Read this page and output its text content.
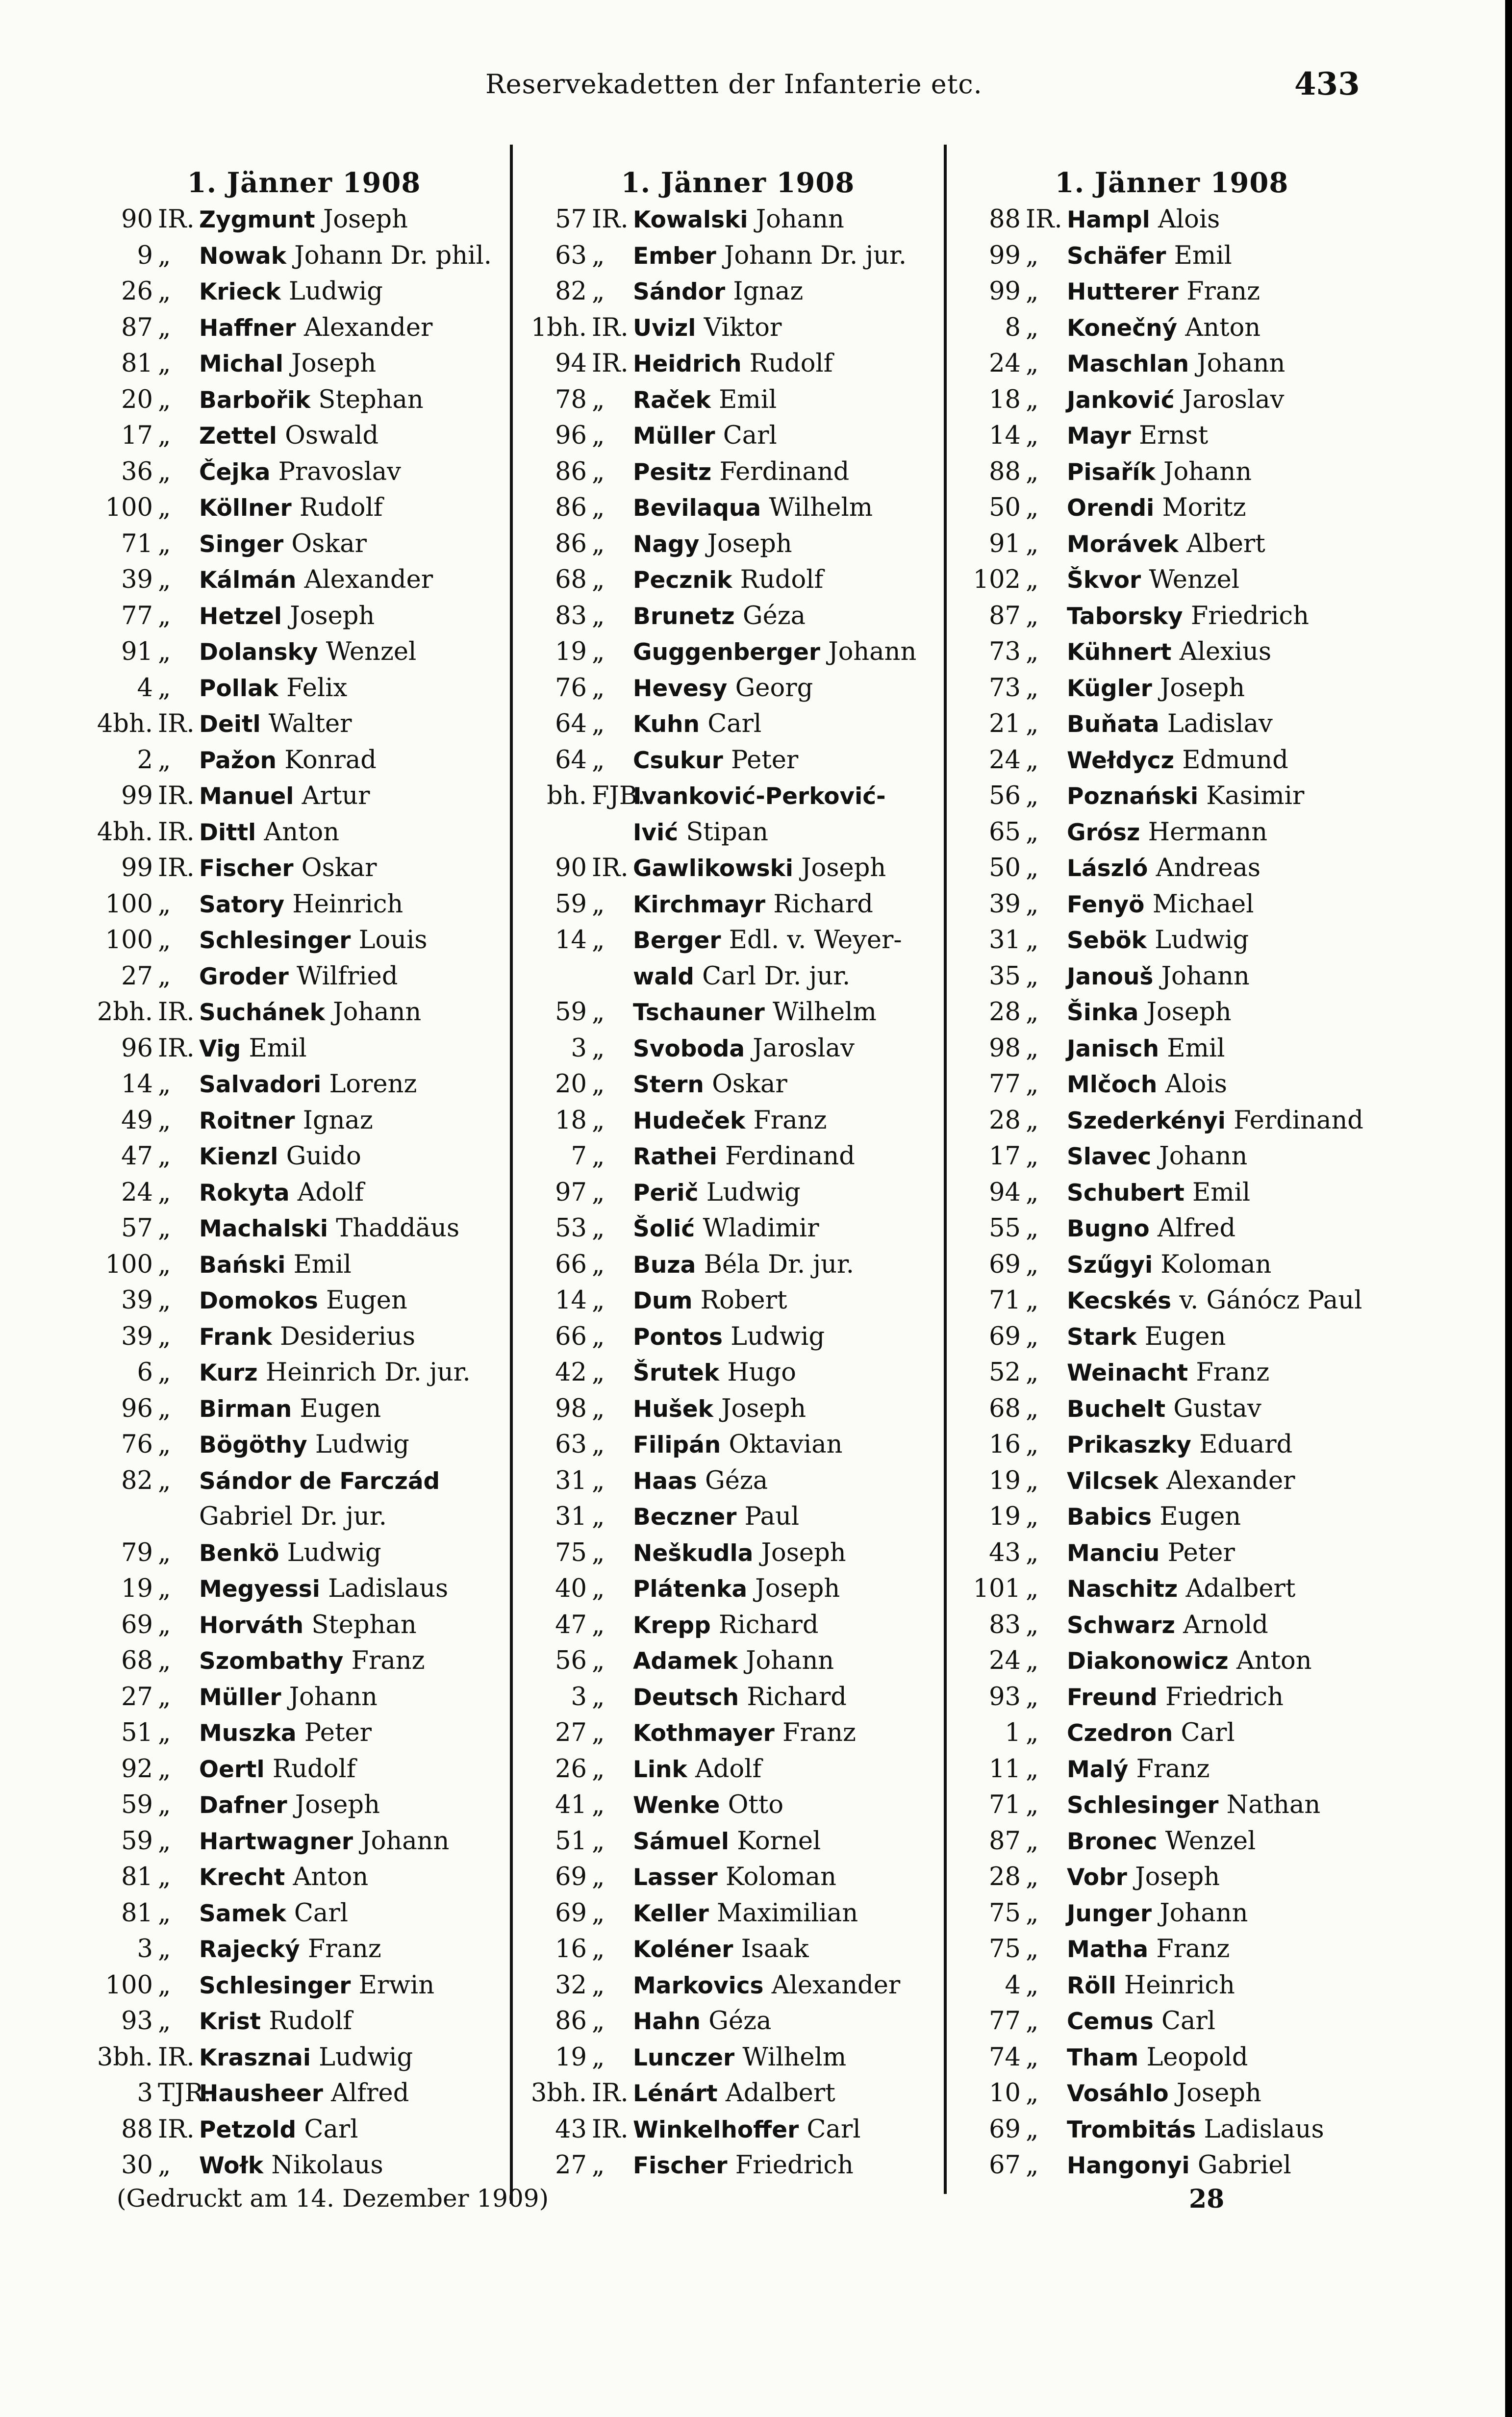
Reservekadetten der Infanterie etc.	433
1. Jänner 1908
90 IR. Zygmunt Joseph
9 „ Nowak Johann Dr. phil.
26 „ Krieck Ludwig
87 „ Haffner Alexander
81 „ Michal Joseph
20 „ Barbořik Stephan
17 „ Zettel Oswald
36 „ Čejka Pravoslav
100 „ Köllner Rudolf
71 „ Singer Oskar
39 „ Kálmán Alexander
77 „ Hetzel Joseph
91 „ Dolansky Wenzel
4 „ Pollak Felix
4bh. IR. Deitl Walter
2 „ Pažon Konrad
99 IR. Manuel Artur
4bh. IR. Dittl Anton
99 IR. Fischer Oskar
100 „ Satory Heinrich
100 „ Schlesinger Louis
27 „ Groder Wilfried
2bh. IR. Suchánek Johann
96 IR. Vig Emil
14 „ Salvadori Lorenz
49 „ Roitner Ignaz
47 „ Kienzl Guido
24 „ Rokyta Adolf
57 „ Machalski Thaddäus
100 „ Bański Emil
39 „ Domokos Eugen
39 „ Frank Desiderius
6 „ Kurz Heinrich Dr. jur.
96 „ Birman Eugen
76 „ Bögöthy Ludwig
82 „ Sándor de Farczád
Gabriel Dr. jur.
79 „ Benkö Ludwig
19 „ Megyessi Ladislaus
69 „ Horváth Stephan
68 „ Szombathy Franz
27 „ Müller Johann
51 „ Muszka Peter
92 „ Oertl Rudolf
59 „ Dafner Joseph
59 „ Hartwagner Johann
81 „ Krecht Anton
81 „ Samek Carl
3 „ Rajecký Franz
100 „ Schlesinger Erwin
93 „ Krist Rudolf
3bh. IR. Krasznai Ludwig
3 TJR.Hausheer Alfred
88 IR. Petzold Carl
30 „ Wołk Nikolaus
1. Jänner 1908
57 IR. Kowalski Johann
63 „ Ember Johann Dr. jur.
82 „ Sándor Ignaz
1bh. IR. Uvizl Viktor
94 IR. Heidrich Rudolf
78 „ Raček Emil
96 „ Müller Carl
86 „ Pesitz Ferdinand
86 „ Bevilaqua Wilhelm
86 „ Nagy Joseph
68 „ Pecznik Rudolf
83 „ Brunetz Géza
19 „ Guggenberger Johann
76 „ Hevesy Georg
64 „ Kuhn Carl
64 „ Csukur Peter
bh. FJB.Ivanković-Perković-
Ivić Stipan
90 IR. Gawlikowski Joseph
59 „ Kirchmayr Richard
14 „ Berger Edl. v. Weyer-
wald Carl Dr. jur.
59 „ Tschauner Wilhelm
3 „ Svoboda Jaroslav
20 „ Stern Oskar
18 „ Hudeček Franz
7 „ Rathei Ferdinand
97 „ Perič Ludwig
53 „ Šolić Wladimir
66 „ Buza Béla Dr. jur.
14 „ Dum Robert
66 „ Pontos Ludwig
42 „ Šrutek Hugo
98 „ Hušek Joseph
63 „ Filipán Oktavian
31 „ Haas Géza
31 „ Beczner Paul
75 „ Neškudla Joseph
40 „ Plátenka Joseph
47 „ Krepp Richard
56 „ Adamek Johann
3 „ Deutsch Richard
27 „ Kothmayer Franz
26 „ Link Adolf
41 „ Wenke Otto
51 „ Sámuel Kornel
69 „ Lasser Koloman
69 „ Keller Maximilian
16 „ Koléner Isaak
32 „ Markovics Alexander
86 „ Hahn Géza
19 „ Lunczer Wilhelm
3bh. IR. Lénárt Adalbert
43 IR. Winkelhoffer Carl
27 „ Fischer Friedrich
1. Jänner 1908
88 IR. Hampl Alois
99 „ Schäfer Emil
99 „ Hutterer Franz
8 „ Konečný Anton
24 „ Maschlan Johann
18 „ Janković Jaroslav
14 „ Mayr Ernst
88 „ Pisařík Johann
50 „ Orendi Moritz
91 „ Morávek Albert
102 „ Škvor Wenzel
87 „ Taborsky Friedrich
73 „ Kühnert Alexius
73 „ Kügler Joseph
21 „ Buňata Ladislav
24 „ Wełdycz Edmund
56 „ Poznański Kasimir
65 „ Grósz Hermann
50 „ László Andreas
39 „ Fenyö Michael
31 „ Sebök Ludwig
35 „ Janouš Johann
28 „ Šinka Joseph
98 „ Janisch Emil
77 „ Mlčoch Alois
28 „ Szederkényi Ferdinand
17 „ Slavec Johann
94 „ Schubert Emil
55 „ Bugno Alfred
69 „ Szűgyi Koloman
71 „ Kecskés v. Gánócz Paul
69 „ Stark Eugen
52 „ Weinacht Franz
68 „ Buchelt Gustav
16 „ Prikaszky Eduard
19 „ Vilcsek Alexander
19 „ Babics Eugen
43 „ Manciu Peter
101 „ Naschitz Adalbert
83 „ Schwarz Arnold
24 „ Diakonowicz Anton
93 „ Freund Friedrich
1 „ Czedron Carl
11 „ Malý Franz
71 „ Schlesinger Nathan
87 „ Bronec Wenzel
28 „ Vobr Joseph
75 „ Junger Johann
75 „ Matha Franz
4 „ Röll Heinrich
77 „ Cemus Carl
74 „ Tham Leopold
10 „ Vosáhlo Joseph
69 „ Trombitás Ladislaus
67 „ Hangonyi Gabriel
(Gedruckt am 14. Dezember 1909)	28
